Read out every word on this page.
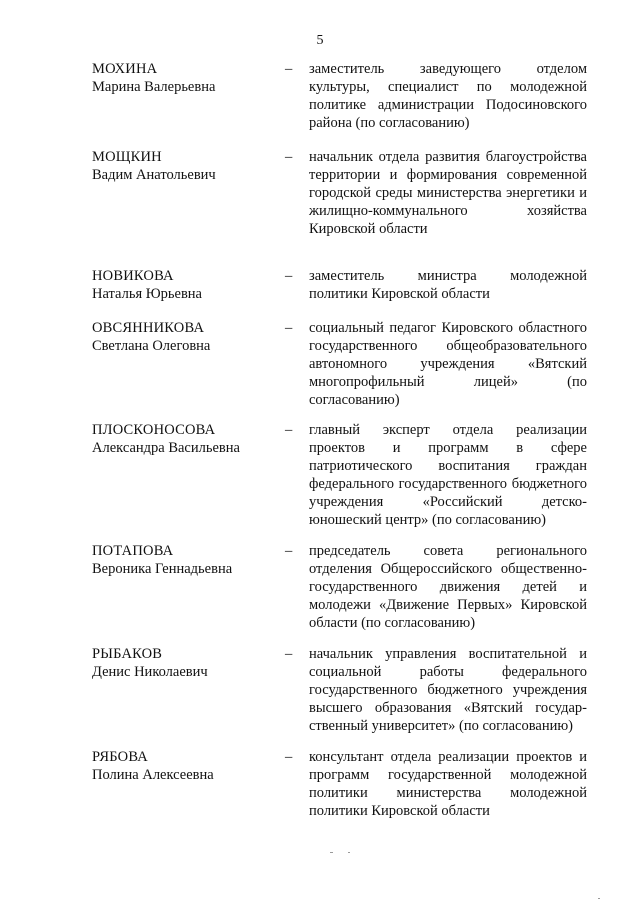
5
МОХИНА
Марина Валерьевна
– заместитель заведующего отделом культуры, специалист по молодежной политике администрации Подосиновского района (по согласованию)
МОЩКИН
Вадим Анатольевич
– начальник отдела развития благоустройства территории и формирования современной городской среды министерства энергетики и жилищно-коммунального хозяйства Кировской области
НОВИКОВА
Наталья Юрьевна
– заместитель министра молодежной политики Кировской области
ОВСЯННИКОВА
Светлана Олеговна
– социальный педагог Кировского областного государственного общеобразовательного автономного учреждения «Вятский многопрофильный лицей» (по согласованию)
ПЛОСКОНОСОВА
Александра Васильевна
– главный эксперт отдела реализации проектов и программ в сфере патриотического воспитания граждан федерального государственного бюджетного учреждения «Российский детско-юношеский центр» (по согласованию)
ПОТАПОВА
Вероника Геннадьевна
– председатель совета регионального отделения Общероссийского общественно-государственного движения детей и молодежи «Движение Первых» Кировской области (по согласованию)
РЫБАКОВ
Денис Николаевич
– начальник управления воспитательной и социальной работы федерального государственного бюджетного учреждения высшего образования «Вятский государственный университет» (по согласованию)
РЯБОВА
Полина Алексеевна
– консультант отдела реализации проектов и программ государственной молодежной политики министерства молодежной политики Кировской области
